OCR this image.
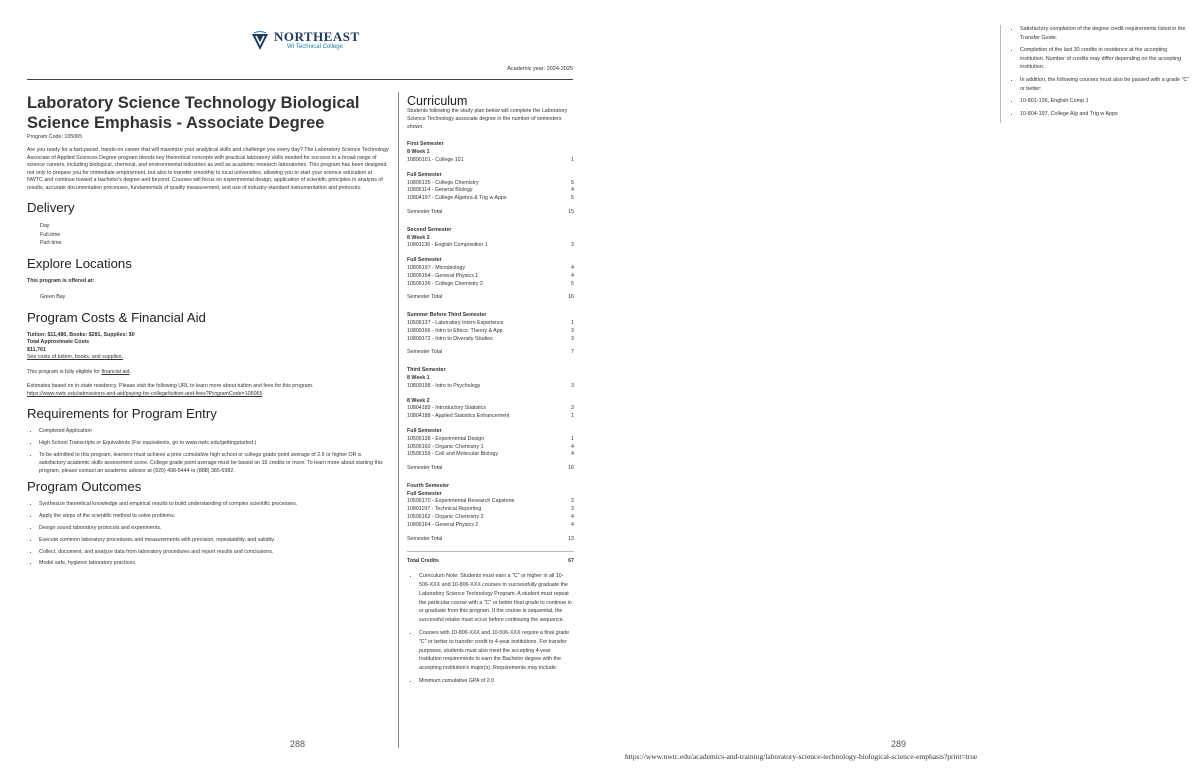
NORTHEAST
WI Technical College
Academic year: 2024-2025
Laboratory Science Technology Biological Science Emphasis - Associate Degree
Program Code: 105065

Are you ready for a fast-paced, hands-on career that will maximize your analytical skills and challenge you every day? The Laboratory Science Technology Associate of Applied Sciences Degree program blends key theoretical concepts with practical laboratory skills needed for success in a broad range of science careers, including biological, chemical, and environmental industries as well as academic research laboratories. This program has been designed not only to prepare you for immediate employment, but also to transfer smoothly to local universities, allowing you to start your science education at NWTC and continue toward a bachelor's degree and beyond. Courses will focus on experimental design, application of scientific principles in analysis of results, accurate documentation processes, fundamentals of quality measurement, and use of industry-standard instrumentation and protocols.

Delivery
Day
Full-time
Part-time
Explore Locations

This program is offered at:

Green Bay
Program Costs & Financial Aid

Tuition: $11,480, Books: $281, Supplies: $0

Total Approximate Costs
$11,761
See costs of tuition, books, and supplies.

This program is fully eligible for financial aid.

Estimates based on in-state residency. Please visit the following URL to learn more about tuition and fees for this program.

https://www.nwtc.edu/admissions-and-aid/paying-for-college/tuition-and-fees?ProgramCode=105065
Requirements for Program Entry
• Completed Application
• High School Transcripts or Equivalents (For equivalents, go to www.nwtc.edu/gettingstarted.)
• To be admitted to this program, learners must achieve a prior cumulative high school or college grade point average of 2.6 or higher OR a satisfactory academic skills assessment score. College grade point average must be based on 15 credits or more. To learn more about starting this program, please contact an academic advisor at (920) 498-5444 or (888) 385-6982.
Program Outcomes
• Synthesize theoretical knowledge and empirical results to build understanding of complex scientific processes.
• Apply the steps of the scientific method to solve problems.
• Design sound laboratory protocols and experiments.
• Execute common laboratory procedures and measurements with precision, repeatability, and validity.
• Collect, document, and analyze data from laboratory procedures and report results and conclusions.
• Model safe, hygienic laboratory practices.
Curriculum
Students following the study plan below will complete the Laboratory Science Technology associate degree in the number of semesters shown.
First Semester
8 Week 1
10890101 - College 101	1
Full Semester
10806135 - College Chemistry	5
10806114 - General Biology	4
10804197 - College Algebra & Trig w Apps	5
Semester Total	15
Second Semester
8 Week 2
10801136 - English Composition 1	3
Full Semester
10806197 - Microbiology	4
10806154 - General Physics 1	4
10506136 - College Chemistry 2	5
Semester Total	16
Summer Before Third Semester
10506137 - Laboratory Intern Experience	1
10809166 - Intro to Ethics: Theory & App	3
10809172 - Intro to Diversity Studies	3
Semester Total	7
Third Semester
8 Week 1
10809198 - Intro to Psychology	3
8 Week 2
10804189 - Introductory Statistics	3
10804188 - Applied Statistics Enhancement	1
Full Semester
10506138 - Experimental Design	1
10506160 - Organic Chemistry 1	4
10506159 - Cell and Molecular Biology	4
Semester Total	16
Fourth Semester
Full Semester
10506170 - Experimental Research Capstone	2
10801197 - Technical Reporting	3
10506162 - Organic Chemistry 2	4
10806164 - General Physics 2	4
Semester Total	13
Total Credits	67
• Curriculum Note: Students must earn a "C" or higher in all 10-506-XXX and 10-806-XXX courses to successfully graduate the Laboratory Science Technology Program. A student must repeat the particular course with a "C" or better final grade to continue in or graduate from this program. If the course is sequential, the successful retake must occur before continuing the sequence.
• Courses with 10-806-XXX and 10-506-XXX require a final grade "C" or better to transfer credit to 4-year institutions. For transfer purposes, students must also meet the accepting 4-year Institution requirements to earn the Bachelor degree with the accepting institution's major(s). Requirements may include:
• Minimum cumulative GPA of 2.0
288
• Satisfactory completion of the degree credit requirements listed in the Transfer Guide.
• Completion of the last 30 credits in residence at the accepting institution. Number of credits may differ depending on the accepting institution.
• In addition, the following courses must also be passed with a grade "C" or better:
• 10-801-136, English Comp 1
• 10-804-197, College Alg and Trig w Apps
289
https://www.nwtc.edu/academics-and-training/laboratory-science-technology-biological-science-emphasis?print=true
